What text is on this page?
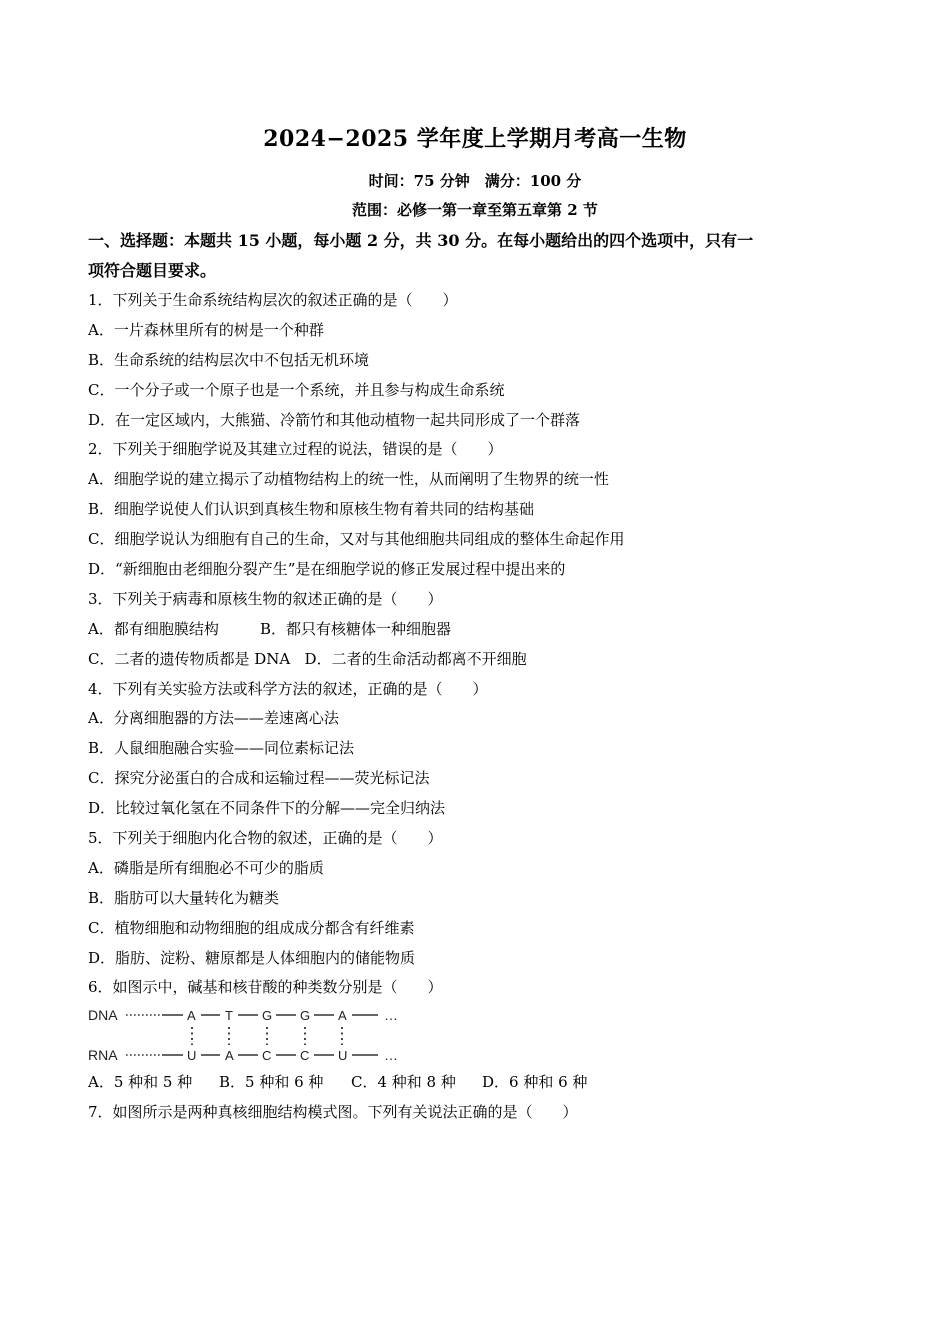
2024−2025 学年度上学期月考高一生物
时间：75 分钟　满分：100 分
范围：必修一第一章至第五章第 2 节
一、选择题：本题共 15 小题，每小题 2 分，共 30 分。在每小题给出的四个选项中，只有一
项符合题目要求。
1．下列关于生命系统结构层次的叙述正确的是（　　）
A．一片森林里所有的树是一个种群
B．生命系统的结构层次中不包括无机环境
C．一个分子或一个原子也是一个系统，并且参与构成生命系统
D．在一定区域内，大熊猫、冷箭竹和其他动植物一起共同形成了一个群落
2．下列关于细胞学说及其建立过程的说法，错误的是（　　）
A．细胞学说的建立揭示了动植物结构上的统一性，从而阐明了生物界的统一性
B．细胞学说使人们认识到真核生物和原核生物有着共同的结构基础
C．细胞学说认为细胞有自己的生命，又对与其他细胞共同组成的整体生命起作用
D．“新细胞由老细胞分裂产生”是在细胞学说的修正发展过程中提出来的
3．下列关于病毒和原核生物的叙述正确的是（　　）
A．都有细胞膜结构	B．都只有核糖体一种细胞器
C．二者的遗传物质都是 DNA D．二者的生命活动都离不开细胞
4．下列有关实验方法或科学方法的叙述，正确的是（　　）
A．分离细胞器的方法——差速离心法
B．人鼠细胞融合实验——同位素标记法
C．探究分泌蛋白的合成和运输过程——荧光标记法
D．比较过氧化氢在不同条件下的分解——完全归纳法
5．下列关于细胞内化合物的叙述，正确的是（　　）
A．磷脂是所有细胞必不可少的脂质
B．脂肪可以大量转化为糖类
C．植物细胞和动物细胞的组成成分都含有纤维素
D．脂肪、淀粉、糖原都是人体细胞内的储能物质
6．如图示中，碱基和核苷酸的种类数分别是（　　）
DNA
RNA
A T G G A
U A C C U
…
…
A．5 种和 5 种 B．5 种和 6 种 C．4 种和 8 种 D．6 种和 6 种
7．如图所示是两种真核细胞结构模式图。下列有关说法正确的是（　　）
